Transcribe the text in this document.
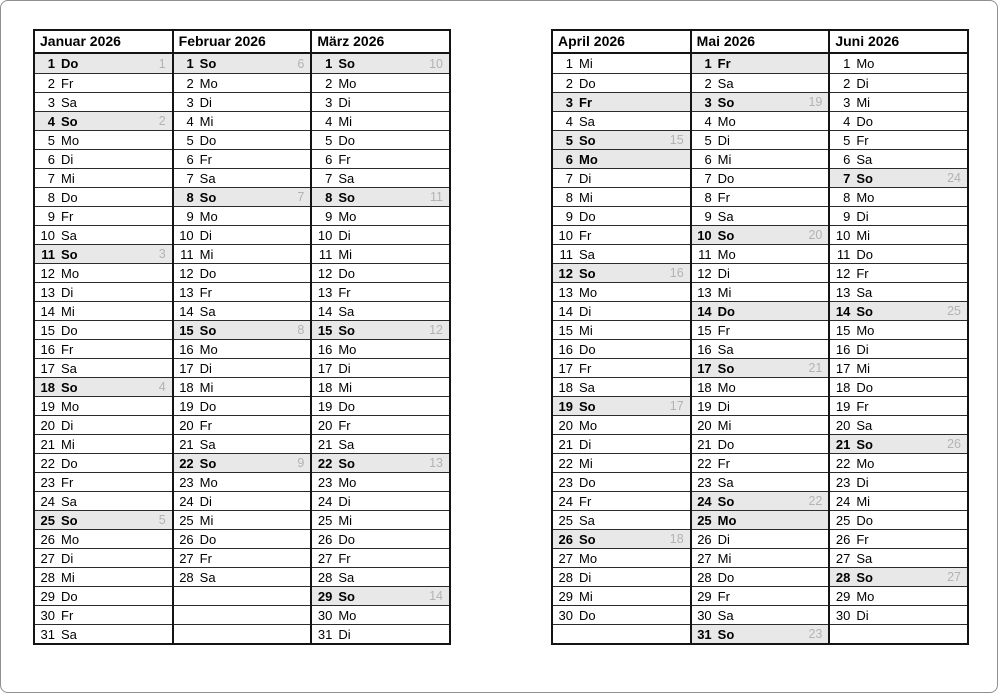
Januar 2026
1 Do	1
2 Fr
3 Sa
4 So	2
5 Mo
6 Di
7 Mi
8 Do
9 Fr
10 Sa
11 So	3
12 Mo
13 Di
14 Mi
15 Do
16 Fr
17 Sa
18 So	4
19 Mo
20 Di
21 Mi
22 Do
23 Fr
24 Sa
25 So	5
26 Mo
27 Di
28 Mi
29 Do
30 Fr
31 Sa
Februar 2026
1 So	6
2 Mo
3 Di
4 Mi
5 Do
6 Fr
7 Sa
8 So	7
9 Mo
10 Di
11 Mi
12 Do
13 Fr
14 Sa
15 So	8
16 Mo
17 Di
18 Mi
19 Do
20 Fr
21 Sa
22 So	9
23 Mo
24 Di
25 Mi
26 Do
27 Fr
28 Sa
März 2026
1 So	10
2 Mo
3 Di
4 Mi
5 Do
6 Fr
7 Sa
8 So	11
9 Mo
10 Di
11 Mi
12 Do
13 Fr
14 Sa
15 So	12
16 Mo
17 Di
18 Mi
19 Do
20 Fr
21 Sa
22 So	13
23 Mo
24 Di
25 Mi
26 Do
27 Fr
28 Sa
29 So	14
30 Mo
31 Di
April 2026
1 Mi
2 Do
3 Fr
4 Sa
5 So	15
6 Mo
7 Di
8 Mi
9 Do
10 Fr
11 Sa
12 So	16
13 Mo
14 Di
15 Mi
16 Do
17 Fr
18 Sa
19 So	17
20 Mo
21 Di
22 Mi
23 Do
24 Fr
25 Sa
26 So	18
27 Mo
28 Di
29 Mi
30 Do
Mai 2026
1 Fr
2 Sa
3 So	19
4 Mo
5 Di
6 Mi
7 Do
8 Fr
9 Sa
10 So	20
11 Mo
12 Di
13 Mi
14 Do
15 Fr
16 Sa
17 So	21
18 Mo
19 Di
20 Mi
21 Do
22 Fr
23 Sa
24 So	22
25 Mo
26 Di
27 Mi
28 Do
29 Fr
30 Sa
31 So	23
Juni 2026
1 Mo
2 Di
3 Mi
4 Do
5 Fr
6 Sa
7 So	24
8 Mo
9 Di
10 Mi
11 Do
12 Fr
13 Sa
14 So	25
15 Mo
16 Di
17 Mi
18 Do
19 Fr
20 Sa
21 So	26
22 Mo
23 Di
24 Mi
25 Do
26 Fr
27 Sa
28 So	27
29 Mo
30 Di
